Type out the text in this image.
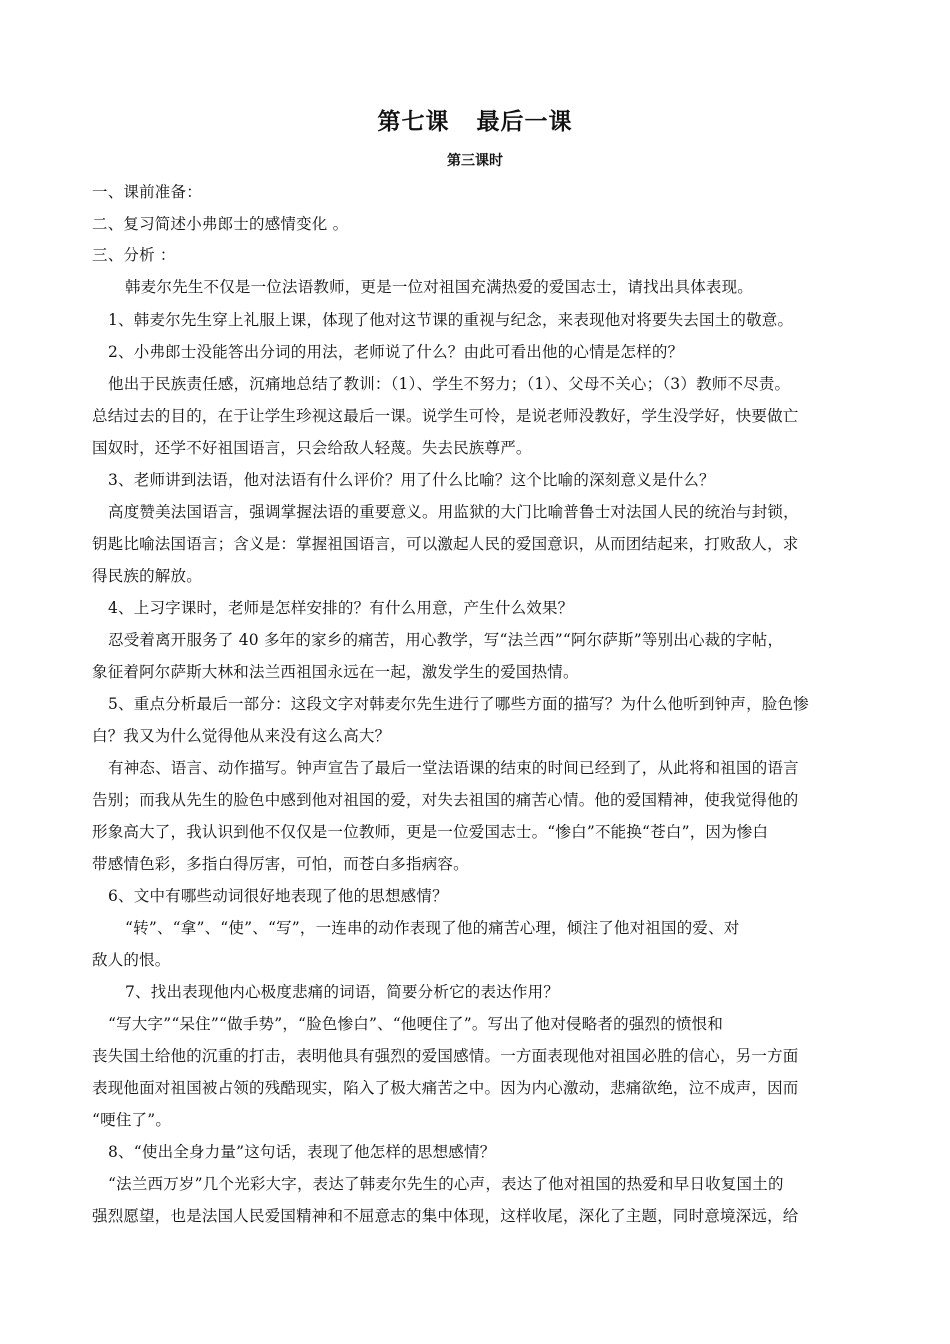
第七课   最后一课
第三课时
一、课前准备：
二、复习简述小弗郎士的感情变化 。
三、分析 ：
韩麦尔先生不仅是一位法语教师，更是一位对祖国充满热爱的爱国志士，请找出具体表现。
1、韩麦尔先生穿上礼服上课，体现了他对这节课的重视与纪念，来表现他对将要失去国土的敬意。
2、小弗郎士没能答出分词的用法，老师说了什么？由此可看出他的心情是怎样的？
他出于民族责任感，沉痛地总结了教训：（1）、学生不努力；（1）、父母不关心；（3）教师不尽责。
总结过去的目的，在于让学生珍视这最后一课。说学生可怜，是说老师没教好，学生没学好，快要做亡
国奴时，还学不好祖国语言，只会给敌人轻蔑。失去民族尊严。
3、老师讲到法语，他对法语有什么评价？用了什么比喻？这个比喻的深刻意义是什么？
高度赞美法国语言，强调掌握法语的重要意义。用监狱的大门比喻普鲁士对法国人民的统治与封锁，
钥匙比喻法国语言；含义是：掌握祖国语言，可以激起人民的爱国意识，从而团结起来，打败敌人，求
得民族的解放。
4、上习字课时，老师是怎样安排的？有什么用意，产生什么效果？
忍受着离开服务了 40 多年的家乡的痛苦，用心教学，写“法兰西”“阿尔萨斯”等别出心裁的字帖，
象征着阿尔萨斯大林和法兰西祖国永远在一起，激发学生的爱国热情。
5、重点分析最后一部分：这段文字对韩麦尔先生进行了哪些方面的描写？为什么他听到钟声，脸色惨
白？我又为什么觉得他从来没有这么高大？
有神态、语言、动作描写。钟声宣告了最后一堂法语课的结束的时间已经到了，从此将和祖国的语言
告别；而我从先生的脸色中感到他对祖国的爱，对失去祖国的痛苦心情。他的爱国精神，使我觉得他的
形象高大了，我认识到他不仅仅是一位教师，更是一位爱国志士。“惨白”不能换“苍白”，因为惨白
带感情色彩，多指白得厉害，可怕，而苍白多指病容。
6、文中有哪些动词很好地表现了他的思想感情？
“转”、“拿”、“使”、“写”，一连串的动作表现了他的痛苦心理，倾注了他对祖国的爱、对
敌人的恨。
7、找出表现他内心极度悲痛的词语，简要分析它的表达作用？
“写大字”“呆住”“做手势”，“脸色惨白”、“他哽住了”。写出了他对侵略者的强烈的愤恨和
丧失国土给他的沉重的打击，表明他具有强烈的爱国感情。一方面表现他对祖国必胜的信心，另一方面
表现他面对祖国被占领的残酷现实，陷入了极大痛苦之中。因为内心激动，悲痛欲绝，泣不成声，因而
“哽住了”。
8、“使出全身力量”这句话，表现了他怎样的思想感情？
“法兰西万岁”几个光彩大字，表达了韩麦尔先生的心声，表达了他对祖国的热爱和早日收复国土的
强烈愿望，也是法国人民爱国精神和不屈意志的集中体现，这样收尾，深化了主题，同时意境深远，给
